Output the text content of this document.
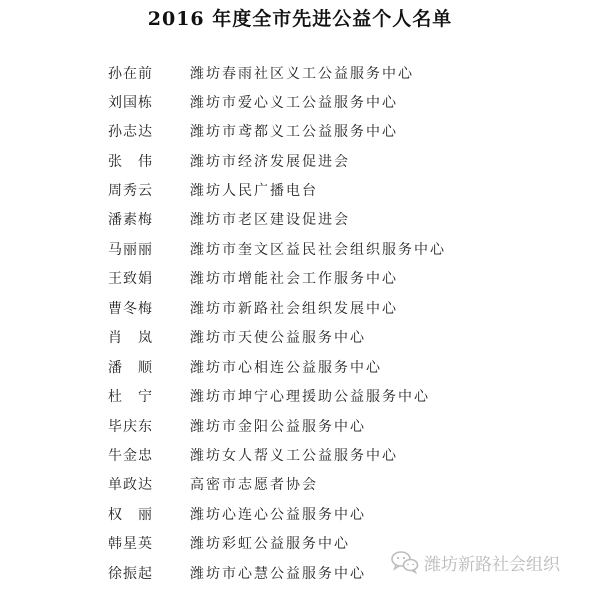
2016 年度全市先进公益个人名单
孙在前	潍坊春雨社区义工公益服务中心
刘国栋	潍坊市爱心义工公益服务中心
孙志达	潍坊市鸢都义工公益服务中心
张　伟	潍坊市经济发展促进会
周秀云	潍坊人民广播电台
潘素梅	潍坊市老区建设促进会
马丽丽	潍坊市奎文区益民社会组织服务中心
王致娟	潍坊市增能社会工作服务中心
曹冬梅	潍坊市新路社会组织发展中心
肖　岚	潍坊市天使公益服务中心
潘　顺	潍坊市心相连公益服务中心
杜　宁	潍坊市坤宁心理援助公益服务中心
毕庆东	潍坊市金阳公益服务中心
牛金忠	潍坊女人帮义工公益服务中心
单政达	高密市志愿者协会
权　丽	潍坊心连心公益服务中心
韩星英	潍坊彩虹公益服务中心
徐振起	潍坊市心慧公益服务中心	潍坊新路社会组织
